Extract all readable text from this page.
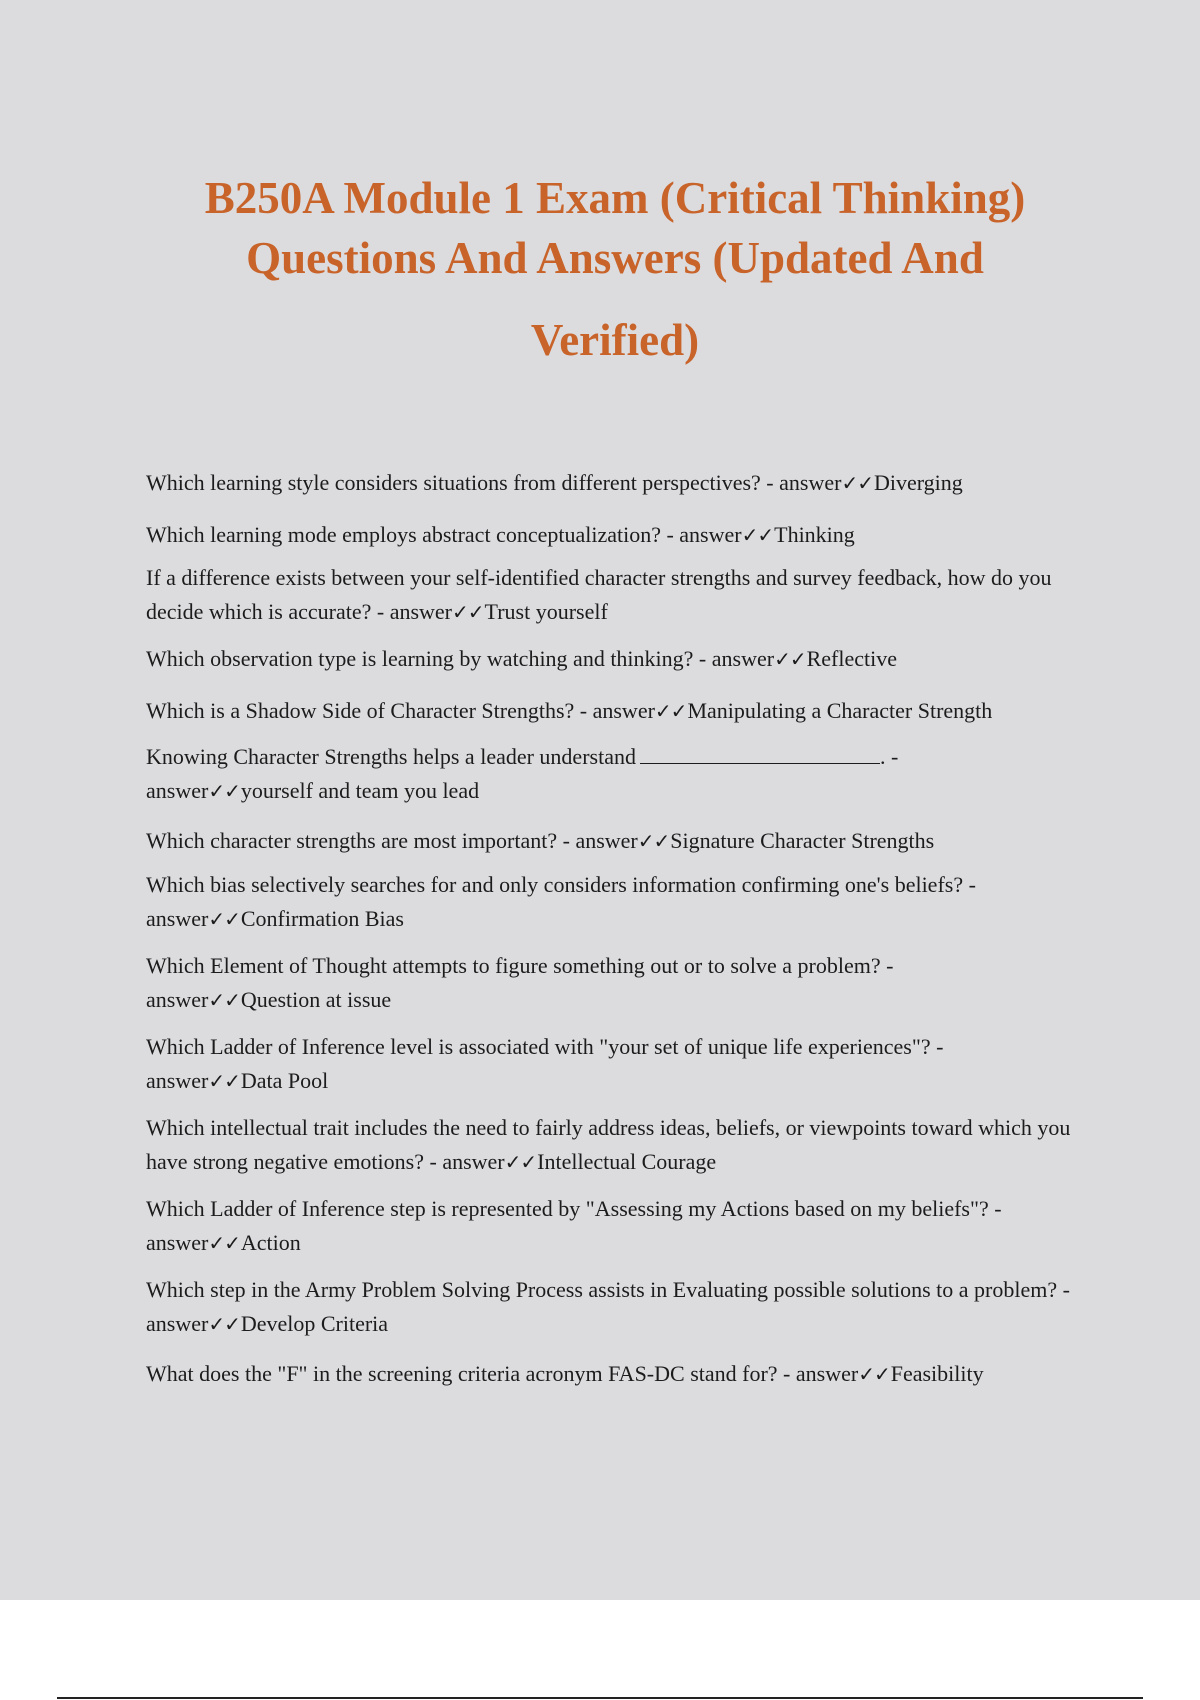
B250A Module 1 Exam (Critical Thinking)
Questions And Answers (Updated And
Verified)
Which learning style considers situations from different perspectives? - answer✓✓Diverging
Which learning mode employs abstract conceptualization? - answer✓✓Thinking
If a difference exists between your self-identified character strengths and survey feedback, how do you decide which is accurate? - answer✓✓Trust yourself
Which observation type is learning by watching and thinking? - answer✓✓Reflective
Which is a Shadow Side of Character Strengths? - answer✓✓Manipulating a Character Strength
Knowing Character Strengths helps a leader understand	. -
answer✓✓yourself and team you lead
Which character strengths are most important? - answer✓✓Signature Character Strengths
Which bias selectively searches for and only considers information confirming one's beliefs? -
answer✓✓Confirmation Bias
Which Element of Thought attempts to figure something out or to solve a problem? -
answer✓✓Question at issue
Which Ladder of Inference level is associated with "your set of unique life experiences"? -
answer✓✓Data Pool
Which intellectual trait includes the need to fairly address ideas, beliefs, or viewpoints toward which you have strong negative emotions? - answer✓✓Intellectual Courage
Which Ladder of Inference step is represented by "Assessing my Actions based on my beliefs"? -
answer✓✓Action
Which step in the Army Problem Solving Process assists in Evaluating possible solutions to a problem? - answer✓✓Develop Criteria
What does the "F" in the screening criteria acronym FAS-DC stand for? - answer✓✓Feasibility
